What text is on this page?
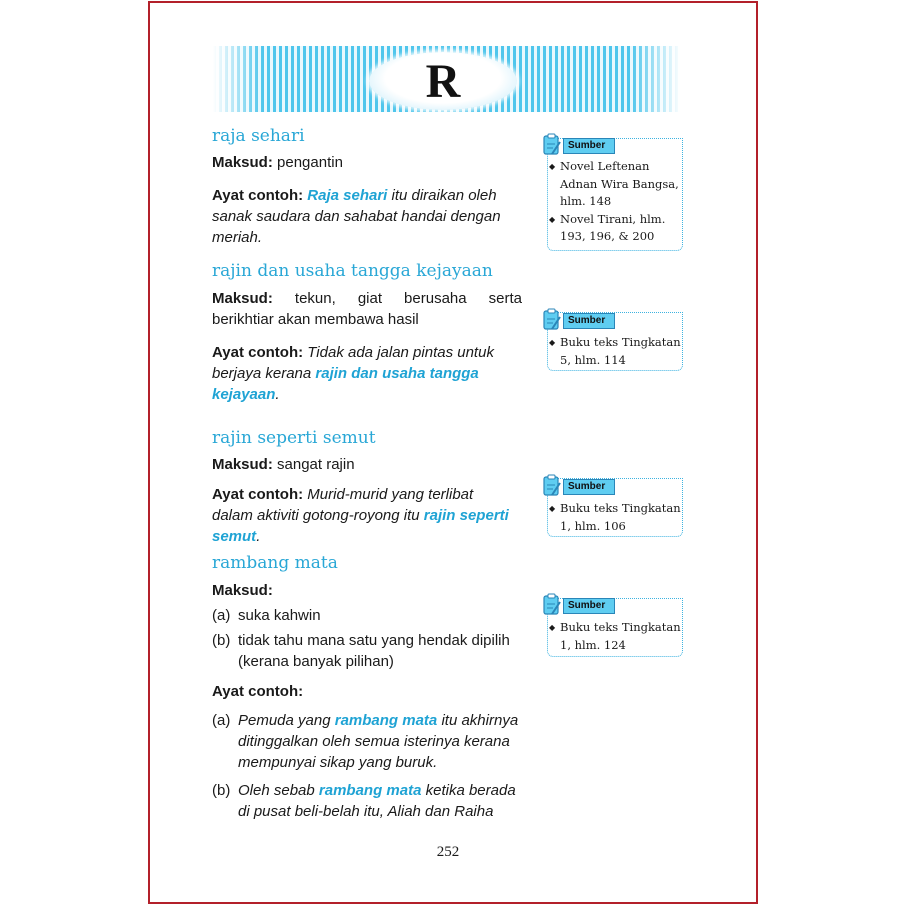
R
raja sehari
Maksud: pengantin
Ayat contoh: Raja sehari itu diraikan oleh
sanak saudara dan sahabat handai dengan
meriah.
rajin dan usaha tangga kejayaan
Maksud: tekun, giat berusaha serta
berikhtiar akan membawa hasil
Ayat contoh: Tidak ada jalan pintas untuk
berjaya kerana rajin dan usaha tangga
kejayaan.
rajin seperti semut
Maksud: sangat rajin
Ayat contoh: Murid-murid yang terlibat
dalam aktiviti gotong-royong itu rajin seperti
semut.
rambang mata
Maksud:
(a) suka kahwin
(b) tidak tahu mana satu yang hendak dipilih
(kerana banyak pilihan)
Ayat contoh:
(a) Pemuda yang rambang mata itu akhirnya
ditinggalkan oleh semua isterinya kerana
mempunyai sikap yang buruk.
(b) Oleh sebab rambang mata ketika berada
di pusat beli-belah itu, Aliah dan Raiha
Sumber
◆ Novel Leftenan
Adnan Wira Bangsa,
hlm. 148
◆ Novel Tirani, hlm.
193, 196, & 200
Sumber
◆ Buku teks Tingkatan
5, hlm. 114
Sumber
◆ Buku teks Tingkatan
1, hlm. 106
Sumber
◆ Buku teks Tingkatan
1, hlm. 124
252
